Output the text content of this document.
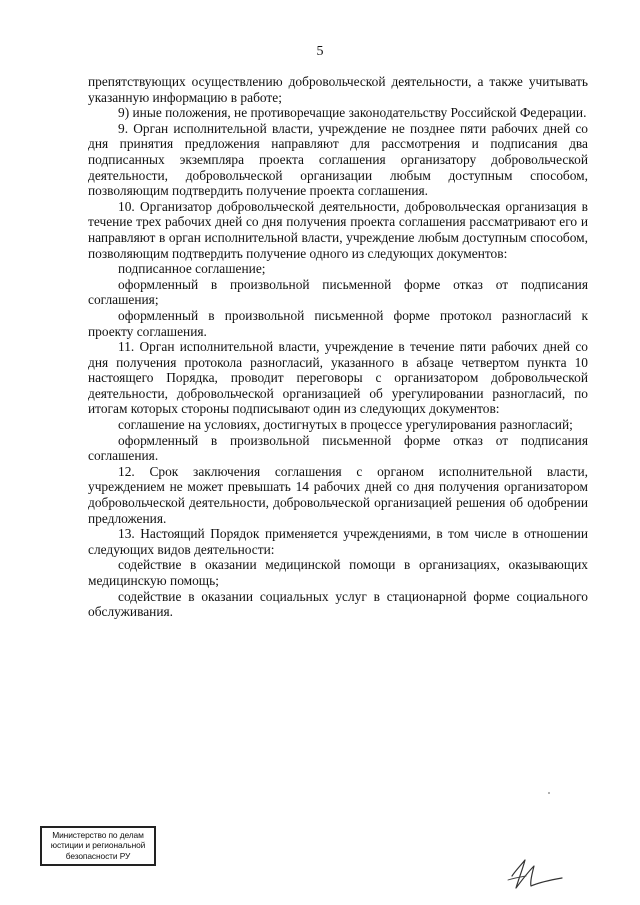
5

препятствующих осуществлению добровольческой деятельности, а также учитывать указанную информацию в работе;

9) иные положения, не противоречащие законодательству Российской Федерации.

9. Орган исполнительной власти, учреждение не позднее пяти рабочих дней со дня принятия предложения направляют для рассмотрения и подписания два подписанных экземпляра проекта соглашения организатору добровольческой деятельности, добровольческой организации любым доступным способом, позволяющим подтвердить получение проекта соглашения.

10. Организатор добровольческой деятельности, добровольческая организация в течение трех рабочих дней со дня получения проекта соглашения рассматривают его и направляют в орган исполнительной власти, учреждение любым доступным способом, позволяющим подтвердить получение одного из следующих документов:

подписанное соглашение;

оформленный в произвольной письменной форме отказ от подписания соглашения;

оформленный в произвольной письменной форме протокол разногласий к проекту соглашения.

11. Орган исполнительной власти, учреждение в течение пяти рабочих дней со дня получения протокола разногласий, указанного в абзаце четвертом пункта 10 настоящего Порядка, проводит переговоры с организатором добровольческой деятельности, добровольческой организацией об урегулировании разногласий, по итогам которых стороны подписывают один из следующих документов:

соглашение на условиях, достигнутых в процессе урегулирования разногласий;

оформленный в произвольной письменной форме отказ от подписания соглашения.

12. Срок заключения соглашения с органом исполнительной власти, учреждением не может превышать 14 рабочих дней со дня получения организатором добровольческой деятельности, добровольческой организацией решения об одобрении предложения.

13. Настоящий Порядок применяется учреждениями, в том числе в отношении следующих видов деятельности:

содействие в оказании медицинской помощи в организациях, оказывающих медицинскую помощь;

содействие в оказании социальных услуг в стационарной форме социального обслуживания.

Министерство по делам
юстиции и региональной
безопасности РУ
